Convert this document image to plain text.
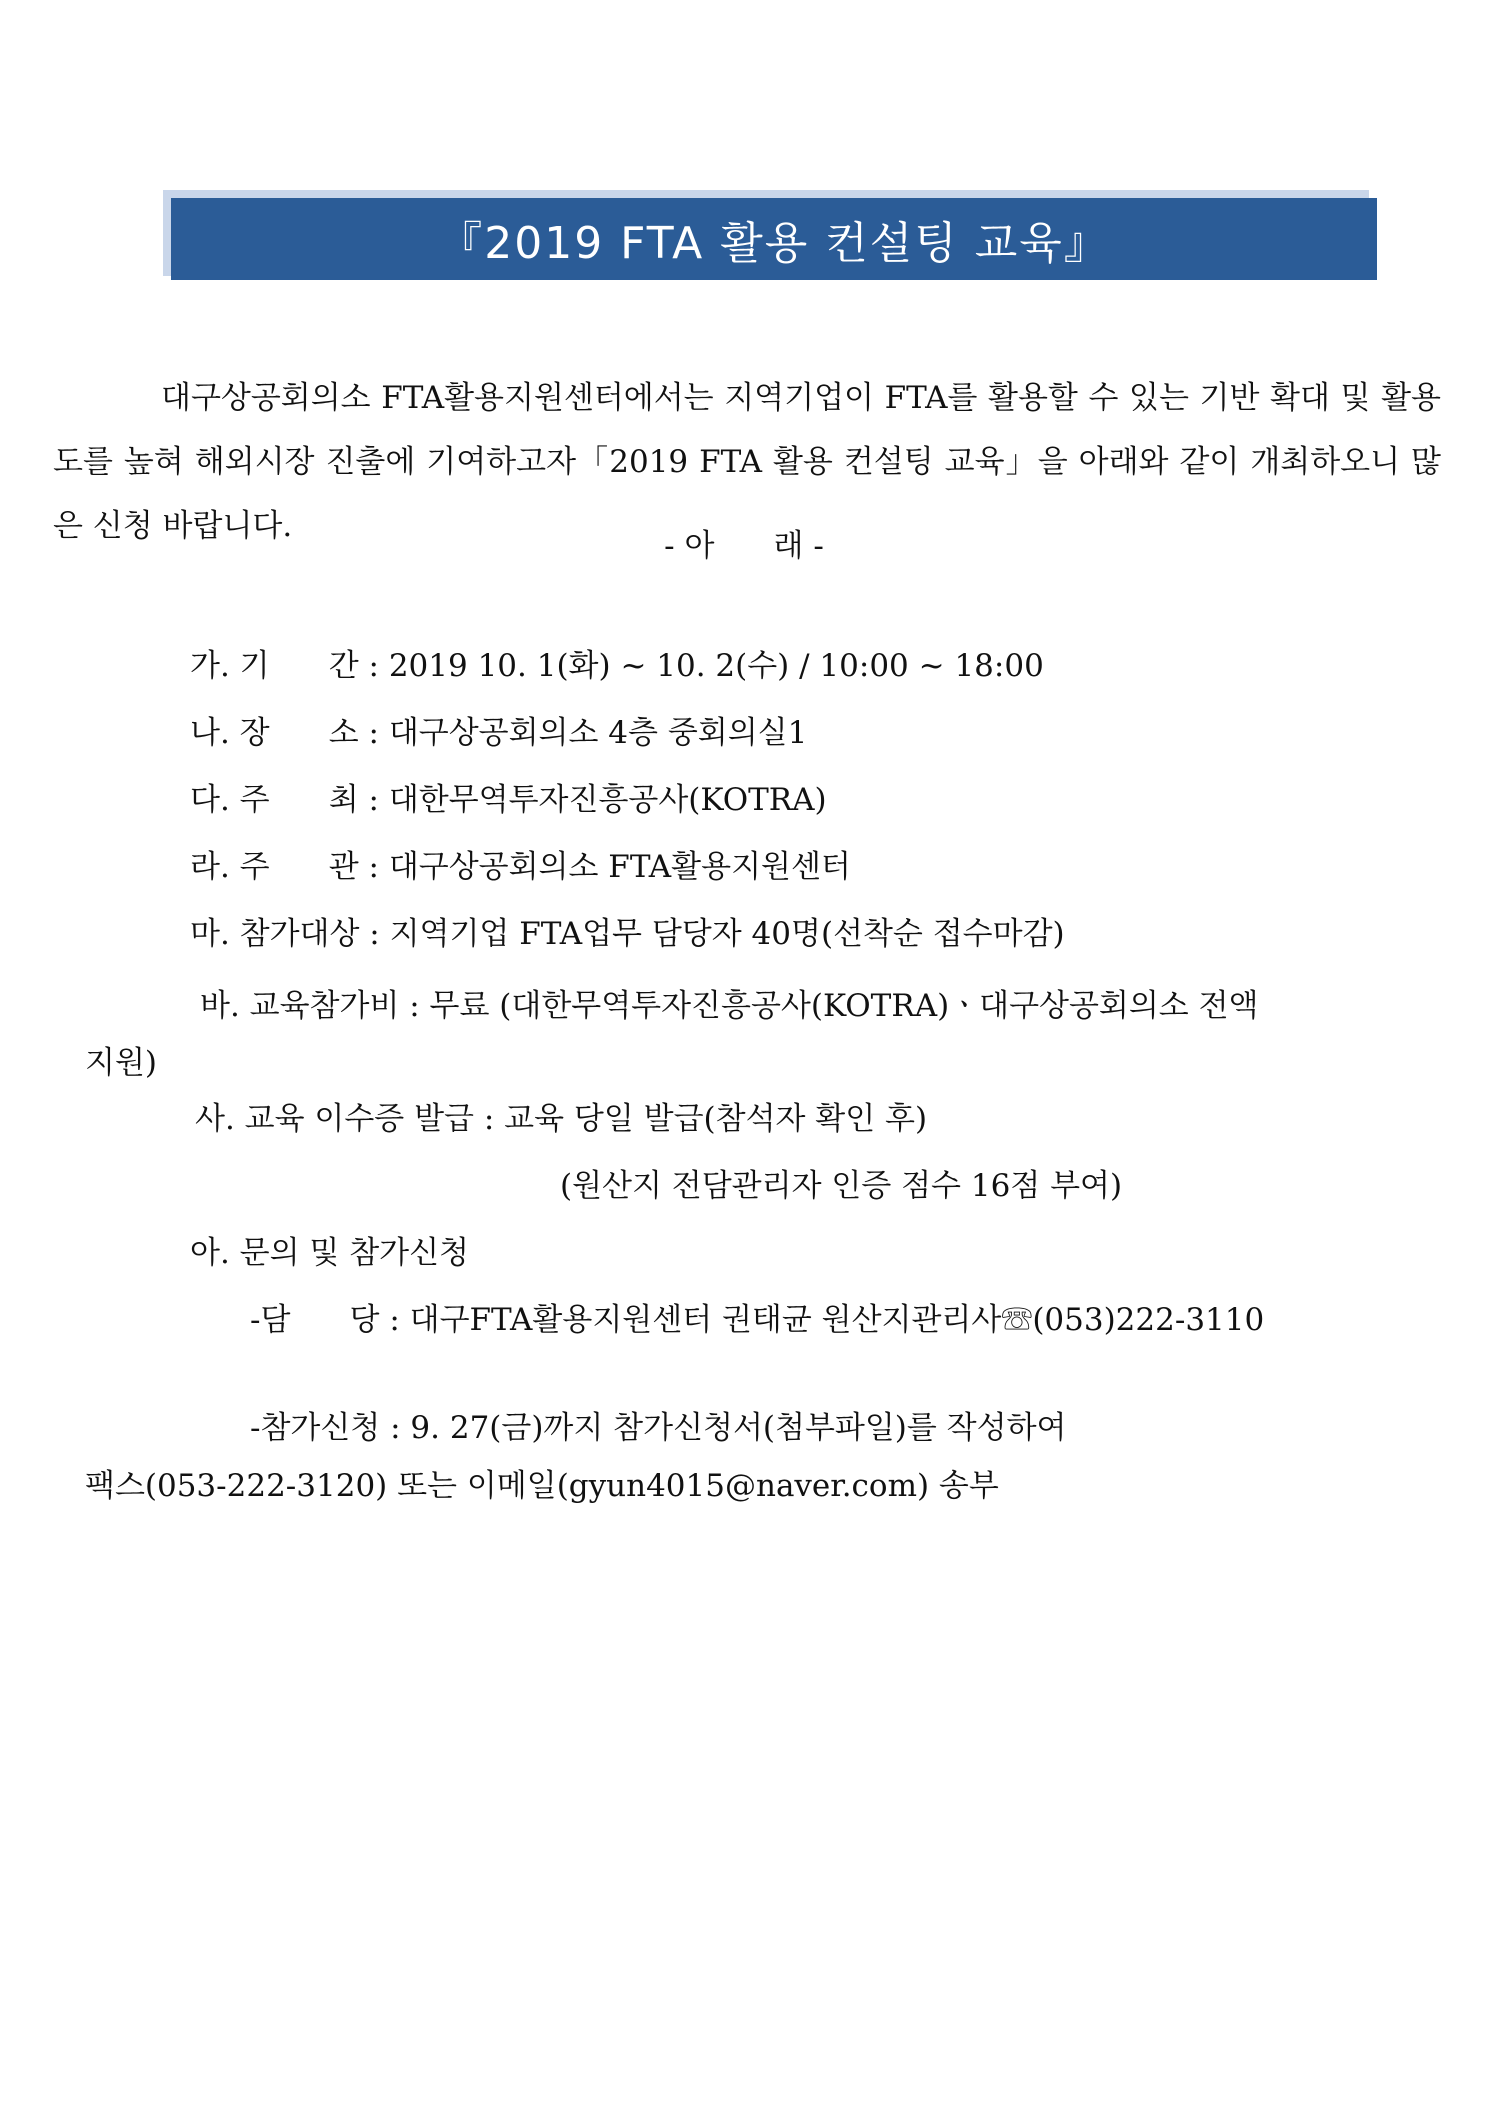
『2019 FTA 활용 컨설팅 교육』

대구상공회의소 FTA활용지원센터에서는 지역기업이 FTA를 활용할 수 있는 기반 확대 및 활용도를 높혀 해외시장 진출에 기여하고자「2019 FTA 활용 컨설팅 교육」을 아래와 같이 개최하오니 많은 신청 바랍니다.

- 아      래 -
가. 기      간 : 2019 10. 1(화) ~ 10. 2(수) / 10:00 ~ 18:00
나. 장      소 : 대구상공회의소 4층 중회의실1
다. 주      최 : 대한무역투자진흥공사(KOTRA)
라. 주      관 : 대구상공회의소 FTA활용지원센터
마. 참가대상 : 지역기업 FTA업무 담당자 40명(선착순 접수마감)
바. 교육참가비 : 무료 (대한무역투자진흥공사(KOTRA)ㆍ대구상공회의소 전액
지원)
사. 교육 이수증 발급 : 교육 당일 발급(참석자 확인 후)
(원산지 전담관리자 인증 점수 16점 부여)
아. 문의 및 참가신청
-담      당 : 대구FTA활용지원센터 권태균 원산지관리사☏(053)222-3110
-참가신청 : 9. 27(금)까지 참가신청서(첨부파일)를 작성하여
팩스(053-222-3120) 또는 이메일(gyun4015@naver.com) 송부
